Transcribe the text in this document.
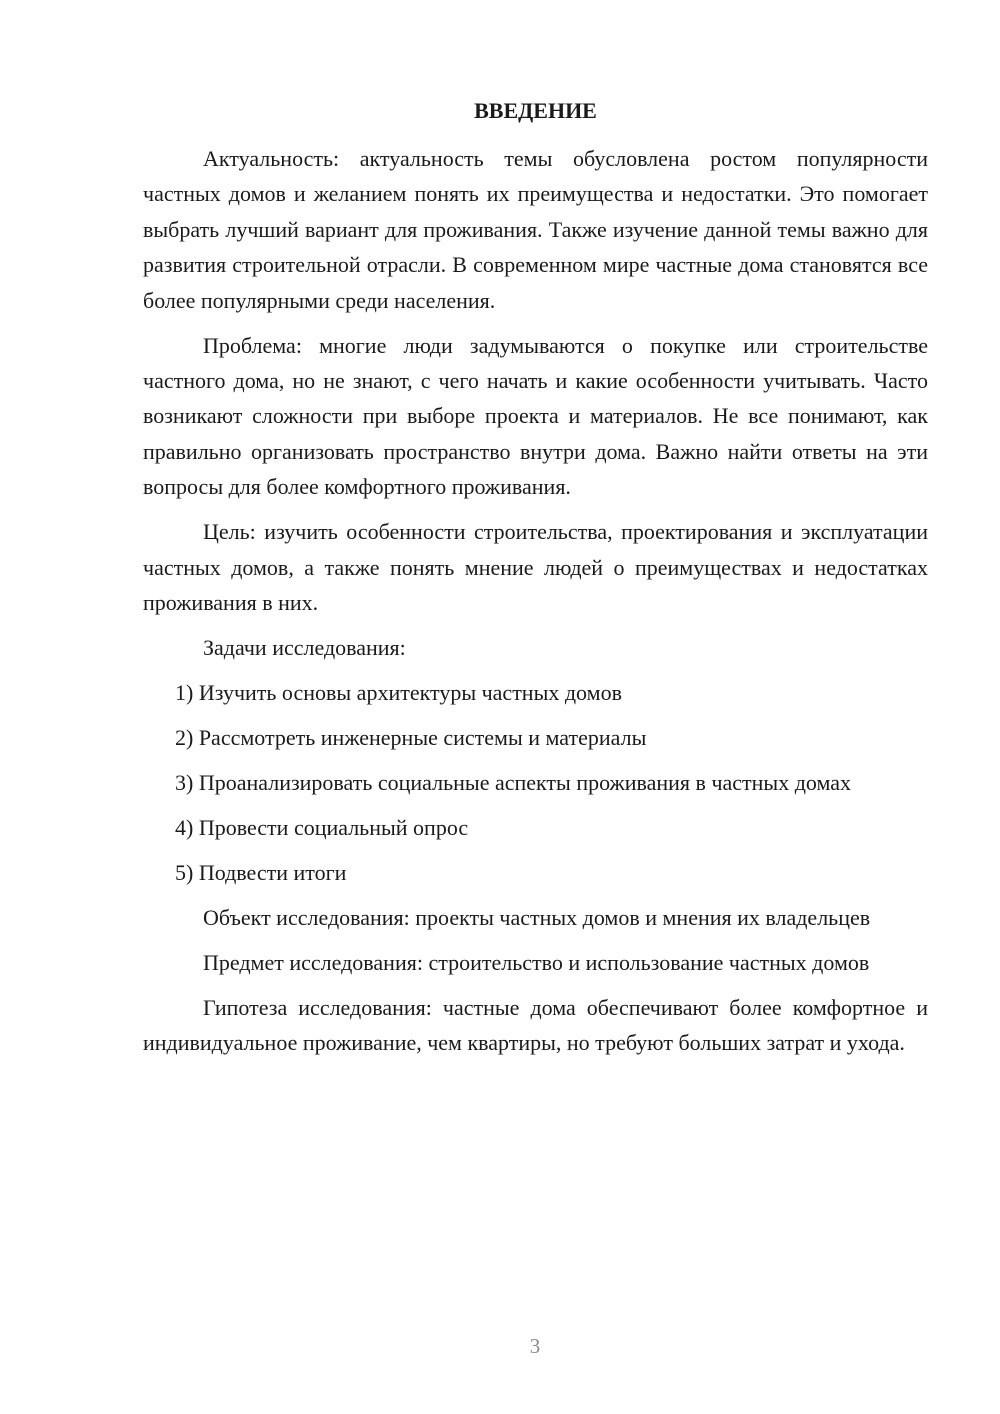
ВВЕДЕНИЕ

Актуальность: актуальность темы обусловлена ростом популярности частных домов и желанием понять их преимущества и недостатки. Это помогает выбрать лучший вариант для проживания. Также изучение данной темы важно для развития строительной отрасли. В современном мире частные дома становятся все более популярными среди населения.

Проблема: многие люди задумываются о покупке или строительстве частного дома, но не знают, с чего начать и какие особенности учитывать. Часто возникают сложности при выборе проекта и материалов. Не все понимают, как правильно организовать пространство внутри дома. Важно найти ответы на эти вопросы для более комфортного проживания.

Цель: изучить особенности строительства, проектирования и эксплуатации частных домов, а также понять мнение людей о преимуществах и недостатках проживания в них.

Задачи исследования:

1) Изучить основы архитектуры частных домов

2) Рассмотреть инженерные системы и материалы

3) Проанализировать социальные аспекты проживания в частных домах

4) Провести социальный опрос

5) Подвести итоги

Объект исследования: проекты частных домов и мнения их владельцев

Предмет исследования: строительство и использование частных домов

Гипотеза исследования: частные дома обеспечивают более комфортное и индивидуальное проживание, чем квартиры, но требуют больших затрат и ухода.

3
